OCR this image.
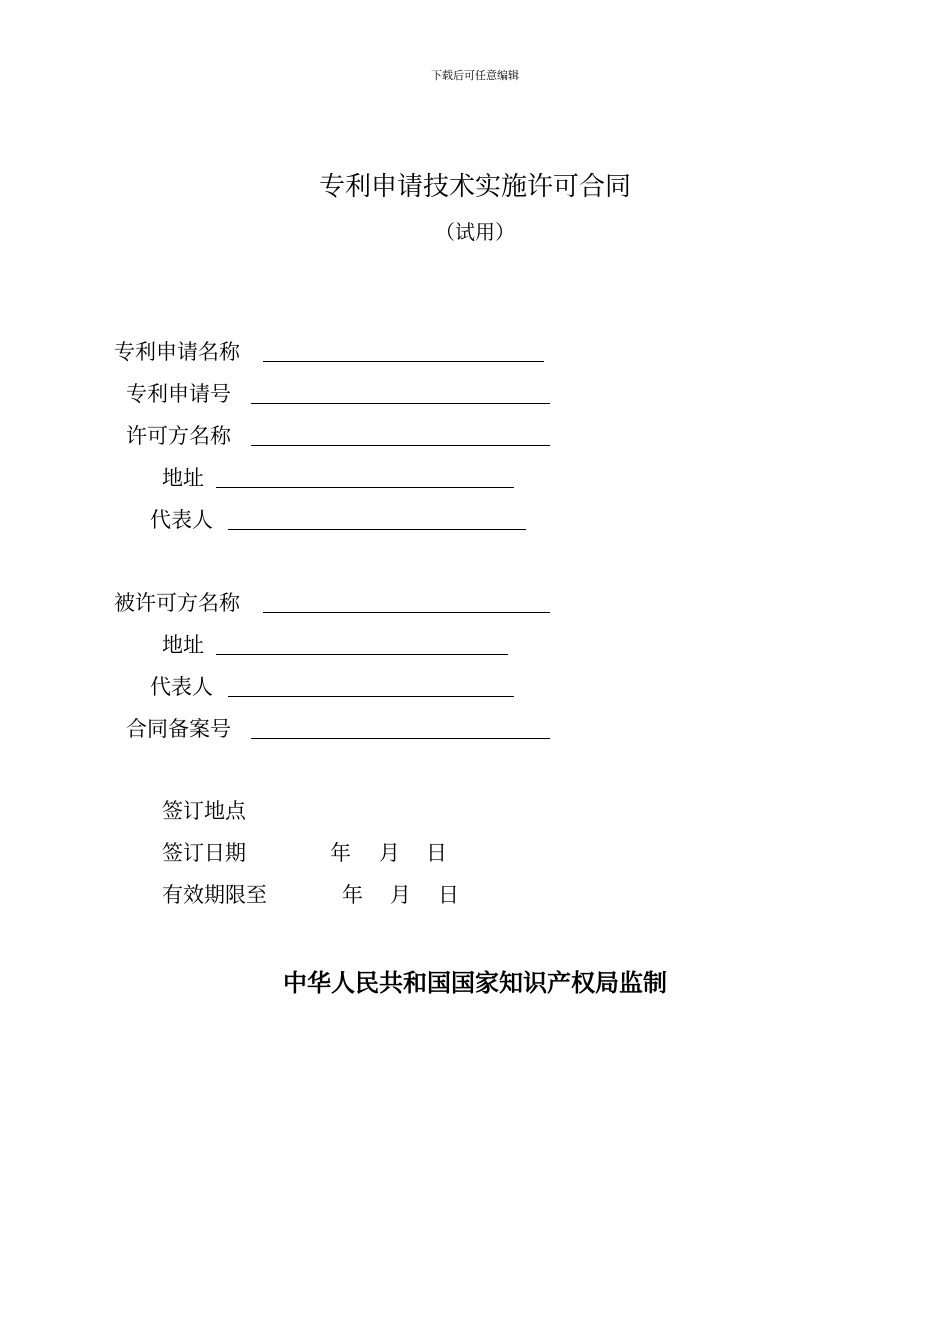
下载后可任意编辑
专利申请技术实施许可合同
（试用）
专利申请名称
专利申请号
许可方名称
地址
代表人
被许可方名称
地址
代表人
合同备案号
签订地点
签订日期	年 月 日
有效期限至	年 月 日
中华人民共和国国家知识产权局监制
